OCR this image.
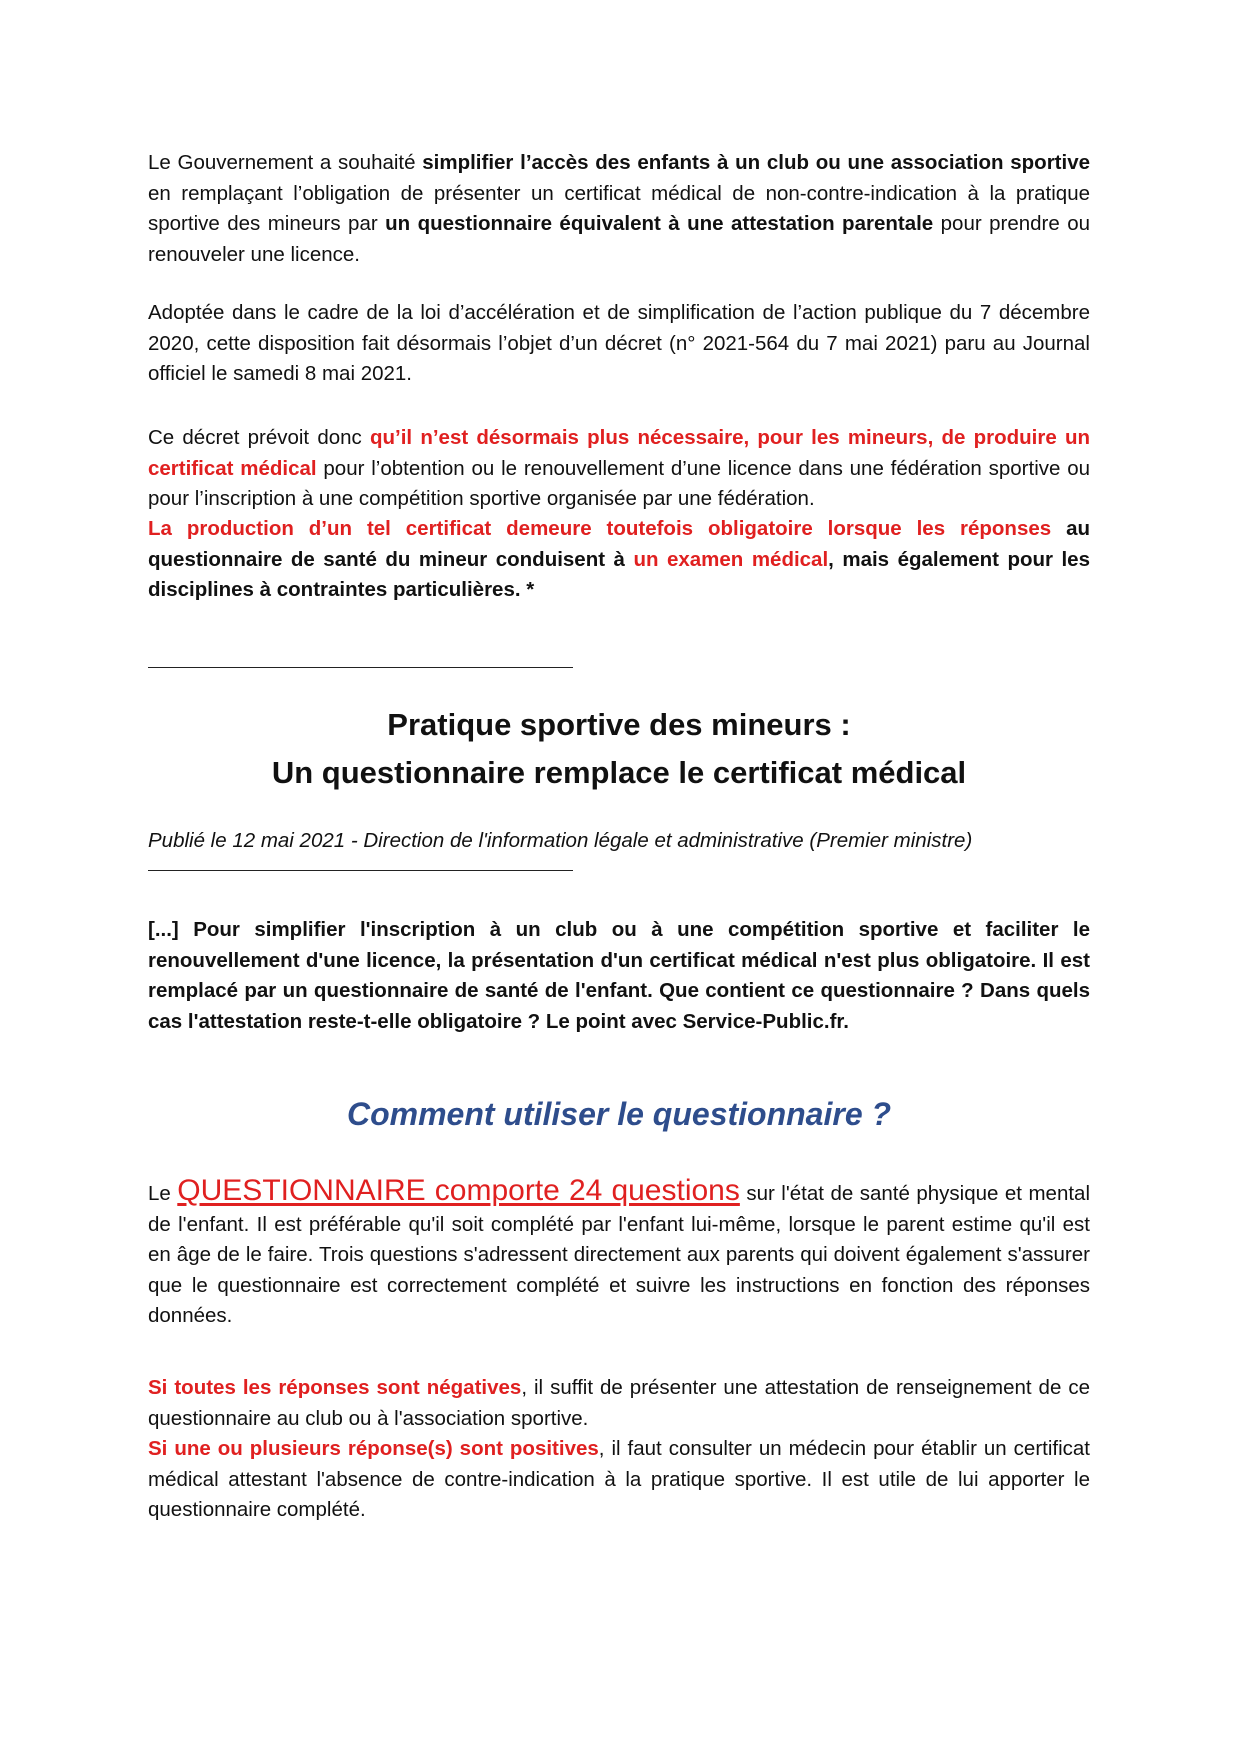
Le Gouvernement a souhaité simplifier l’accès des enfants à un club ou une association sportive en remplaçant l’obligation de présenter un certificat médical de non-contre-indication à la pratique sportive des mineurs par un questionnaire équivalent à une attestation parentale pour prendre ou renouveler une licence.

Adoptée dans le cadre de la loi d’accélération et de simplification de l’action publique du 7 décembre 2020, cette disposition fait désormais l’objet d’un décret (n° 2021-564 du 7 mai 2021) paru au Journal officiel le samedi 8 mai 2021.

Ce décret prévoit donc qu’il n’est désormais plus nécessaire, pour les mineurs, de produire un certificat médical pour l’obtention ou le renouvellement d’une licence dans une fédération sportive ou pour l’inscription à une compétition sportive organisée par une fédération.

La production d’un tel certificat demeure toutefois obligatoire lorsque les réponses au questionnaire de santé du mineur conduisent à un examen médical, mais également pour les disciplines à contraintes particulières. *

Pratique sportive des mineurs :
Un questionnaire remplace le certificat médical

Publié le 12 mai 2021 - Direction de l'information légale et administrative (Premier ministre)

[...] Pour simplifier l'inscription à un club ou à une compétition sportive et faciliter le renouvellement d'une licence, la présentation d'un certificat médical n'est plus obligatoire. Il est remplacé par un questionnaire de santé de l'enfant. Que contient ce questionnaire ? Dans quels cas l'attestation reste-t-elle obligatoire ? Le point avec Service-Public.fr.

Comment utiliser le questionnaire ?

Le QUESTIONNAIRE comporte 24 questions sur l'état de santé physique et mental de l'enfant. Il est préférable qu'il soit complété par l'enfant lui-même, lorsque le parent estime qu'il est en âge de le faire. Trois questions s'adressent directement aux parents qui doivent également s'assurer que le questionnaire est correctement complété et suivre les instructions en fonction des réponses données.

Si toutes les réponses sont négatives, il suffit de présenter une attestation de renseignement de ce questionnaire au club ou à l'association sportive.

Si une ou plusieurs réponse(s) sont positives, il faut consulter un médecin pour établir un certificat médical attestant l'absence de contre-indication à la pratique sportive. Il est utile de lui apporter le questionnaire complété.
